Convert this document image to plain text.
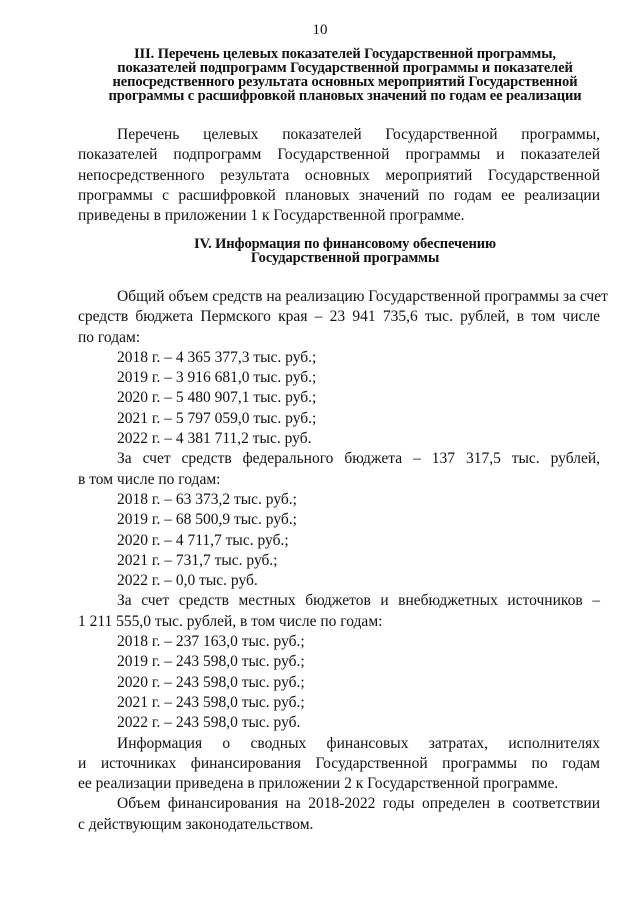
10
III. Перечень целевых показателей Государственной программы,
показателей подпрограмм Государственной программы и показателей
непосредственного результата основных мероприятий Государственной
программы с расшифровкой плановых значений по годам ее реализации

Перечень целевых показателей Государственной программы,
показателей подпрограмм Государственной программы и показателей
непосредственного результата основных мероприятий Государственной
программы с расшифровкой плановых значений по годам ее реализации
приведены в приложении 1 к Государственной программе.

IV. Информация по финансовому обеспечению
Государственной программы

Общий объем средств на реализацию Государственной программы за счет
средств бюджета Пермского края – 23 941 735,6 тыс. рублей, в том числе
по годам:
2018 г. – 4 365 377,3 тыс. руб.;
2019 г. – 3 916 681,0 тыс. руб.;
2020 г. – 5 480 907,1 тыс. руб.;
2021 г. – 5 797 059,0 тыс. руб.;
2022 г. – 4 381 711,2 тыс. руб.

За счет средств федерального бюджета – 137 317,5 тыс. рублей,
в том числе по годам:
2018 г. – 63 373,2 тыс. руб.;
2019 г. – 68 500,9 тыс. руб.;
2020 г. – 4 711,7 тыс. руб.;
2021 г. – 731,7 тыс. руб.;
2022 г. – 0,0 тыс. руб.

За счет средств местных бюджетов и внебюджетных источников –
1 211 555,0 тыс. рублей, в том числе по годам:
2018 г. – 237 163,0 тыс. руб.;
2019 г. – 243 598,0 тыс. руб.;
2020 г. – 243 598,0 тыс. руб.;
2021 г. – 243 598,0 тыс. руб.;
2022 г. – 243 598,0 тыс. руб.

Информация о сводных финансовых затратах, исполнителях
и источниках финансирования Государственной программы по годам
ее реализации приведена в приложении 2 к Государственной программе.

Объем финансирования на 2018-2022 годы определен в соответствии
с действующим законодательством.
